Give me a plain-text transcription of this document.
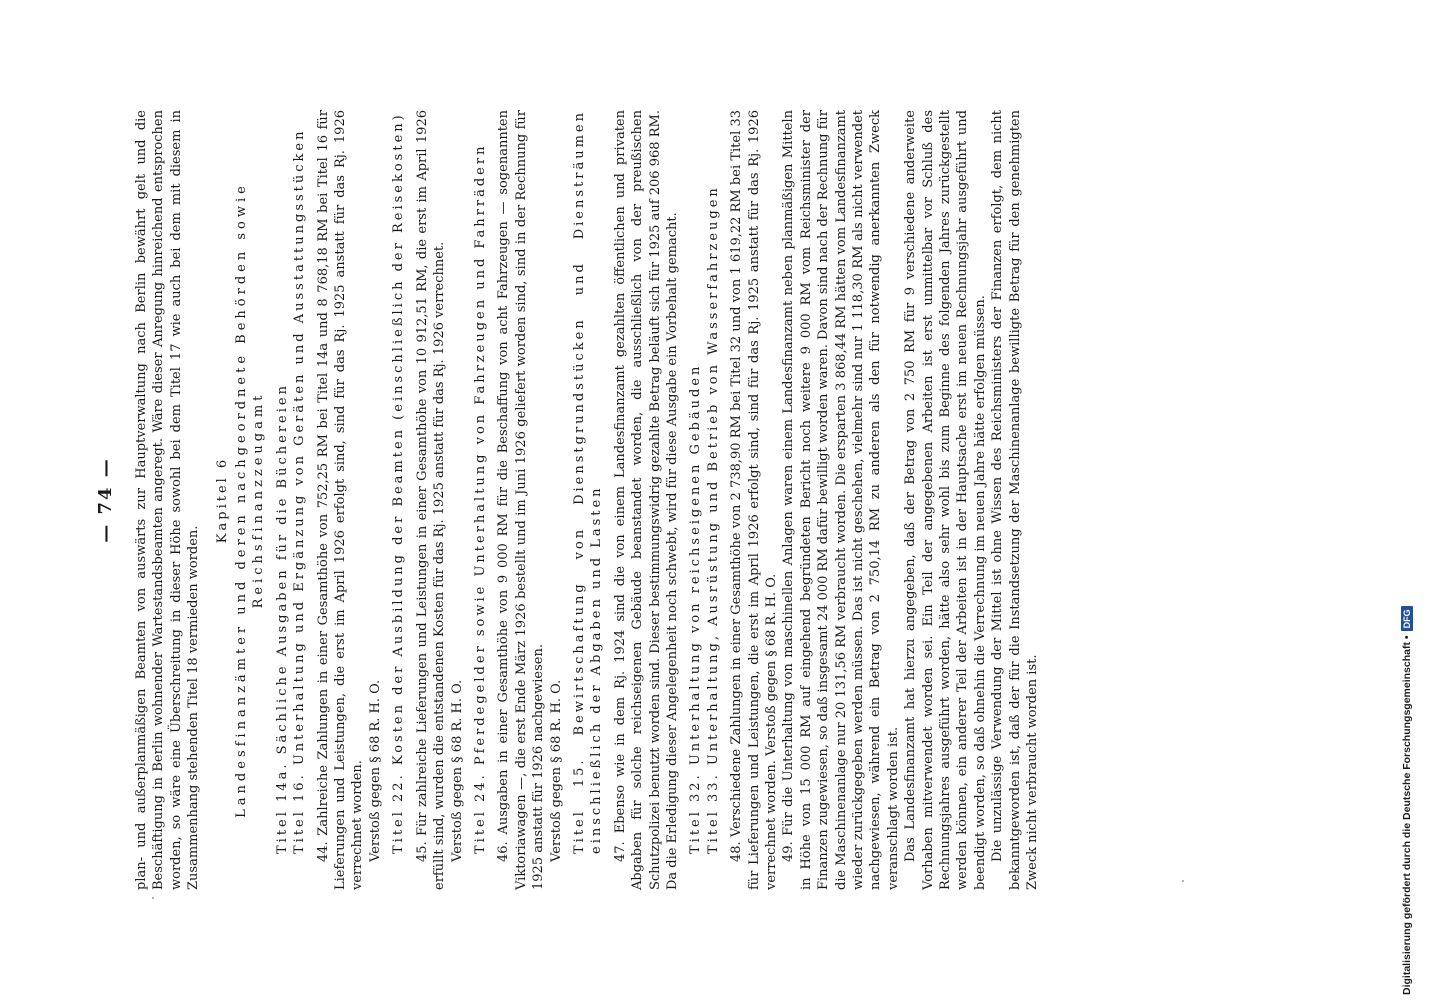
— 74 — plan- und außerplanmäßigen Beamten von auswärts zur Hauptverwaltung nach Berlin bewährt gelt und die Beschäftigung in Berlin wohnender Wartestandsbeamten angeregt. Wäre dieser Anregung hinreichend entsprochen worden, so wäre eine Überschreitung in dieser Höhe sowohl bei dem Titel 17 wie auch bei dem mit diesem in Zusammenhang stehenden Titel 18 vermieden worden.

Kapitel 6 Landesfinanzämter und deren nachgeordnete Behörden sowie Reichsfinanzzeugamt Titel 14a. Sächliche Ausgaben für die Büchereien Titel 16. Unterhaltung und Ergänzung von Geräten und Ausstattungsstücken 44. Zahlreiche Zahlungen in einer Gesamthöhe von 752,25 RM bei Titel 14a und 8 768,18 RM bei Titel 16 für Lieferungen und Leistungen, die erst im April 1926 erfolgt sind, sind für das Rj. 1925 anstatt für das Rj. 1926 verrechnet worden. Verstoß gegen § 68 R. H. O. Titel 22. Kosten der Ausbildung der Beamten (einschließlich der Reisekosten) 45. Für zahlreiche Lieferungen und Leistungen in einer Gesamthöhe von 10 912,51 RM, die erst im April 1926 erfüllt sind, wurden die entstandenen Kosten für das Rj. 1925 anstatt für das Rj. 1926 verrechnet. Verstoß gegen § 68 R. H. O. Titel 24. Pferdegelder sowie Unterhaltung von Fahrzeugen und Fahrrädern 46. Ausgaben in einer Gesamthöhe von 9 000 RM für die Beschaffung von acht Fahrzeugen — sogenannten Viktoriawagen —, die erst Ende März 1926 bestellt und im Juni 1926 geliefert worden sind, sind in der Rechnung für 1925 anstatt für 1926 nachgewiesen. Verstoß gegen § 68 R. H. O. Titel 15. Bewirtschaftung von Dienstgrundstücken und Diensträumen einschließlich der Abgaben und Lasten 47. Ebenso wie in dem Rj. 1924 sind die von einem Landesfinanzamt gezahlten öffentlichen und privaten Abgaben für solche reichseigenen Gebäude beanstandet worden, die ausschließlich von der preußischen Schutzpolizei benutzt worden sind. Dieser bestimmungswidrig gezahlte Betrag beläuft sich für 1925 auf 206 968 RM. Da die Erledigung dieser Angelegenheit noch schwebt, wird für diese Ausgabe ein Vorbehalt gemacht. Titel 32. Unterhaltung von reichseigenen Gebäuden Titel 33. Unterhaltung, Ausrüstung und Betrieb von Wasserfahrzeugen 48. Verschiedene Zahlungen in einer Gesamthöhe von 2 738,90 RM bei Titel 32 und von 1 619,22 RM bei Titel 33 für Lieferungen und Leistungen, die erst im April 1926 erfolgt sind, sind für das Rj. 1925 anstatt für das Rj. 1926 verrechnet worden. Verstoß gegen § 68 R. H. O. 49. Für die Unterhaltung von maschinellen Anlagen waren einem Landesfinanzamt neben planmäßigen Mitteln in Höhe von 15 000 RM auf eingehend begründeten Bericht noch weitere 9 000 RM vom Reichsminister der Finanzen zugewiesen, so daß insgesamt 24 000 RM dafür bewilligt worden waren. Davon sind nach der Rechnung für die Maschinenanlage nur 20 131,56 RM verbraucht worden. Die ersparten 3 868,44 RM hätten vom Landesfinanzamt wieder zurückgegeben werden müssen. Das ist nicht geschehen, vielmehr sind nur 1 118,30 RM als nicht verwendet nachgewiesen, während ein Betrag von 2 750,14 RM zu anderen als den für notwendig anerkannten Zweck veranschlagt worden ist. Das Landesfinanzamt hat hierzu angegeben, daß der Betrag von 2 750 RM für 9 verschiedene anderweite Vorhaben mitverwendet worden sei. Ein Teil der angegebenen Arbeiten ist erst unmittelbar vor Schluß des Rechnungsjahres ausgeführt worden, hätte also sehr wohl bis zum Beginne des folgenden Jahres zurückgestellt werden können, ein anderer Teil der Arbeiten ist in der Hauptsache erst im neuen Rechnungsjahr ausgeführt und beendigt worden, so daß ohnehin die Verrechnung im neuen Jahre hätte erfolgen müssen. Die unzulässige Verwendung der Mittel ist ohne Wissen des Reichsministers der Finanzen erfolgt, dem nicht bekanntgeworden ist, daß der für die Instandsetzung der Maschinenanlage bewilligte Betrag für den genehmigten Zweck nicht verbraucht worden ist.	Digitalisierung gefördert durch die Deutsche Forschungsgemeinschaft •
DFG
